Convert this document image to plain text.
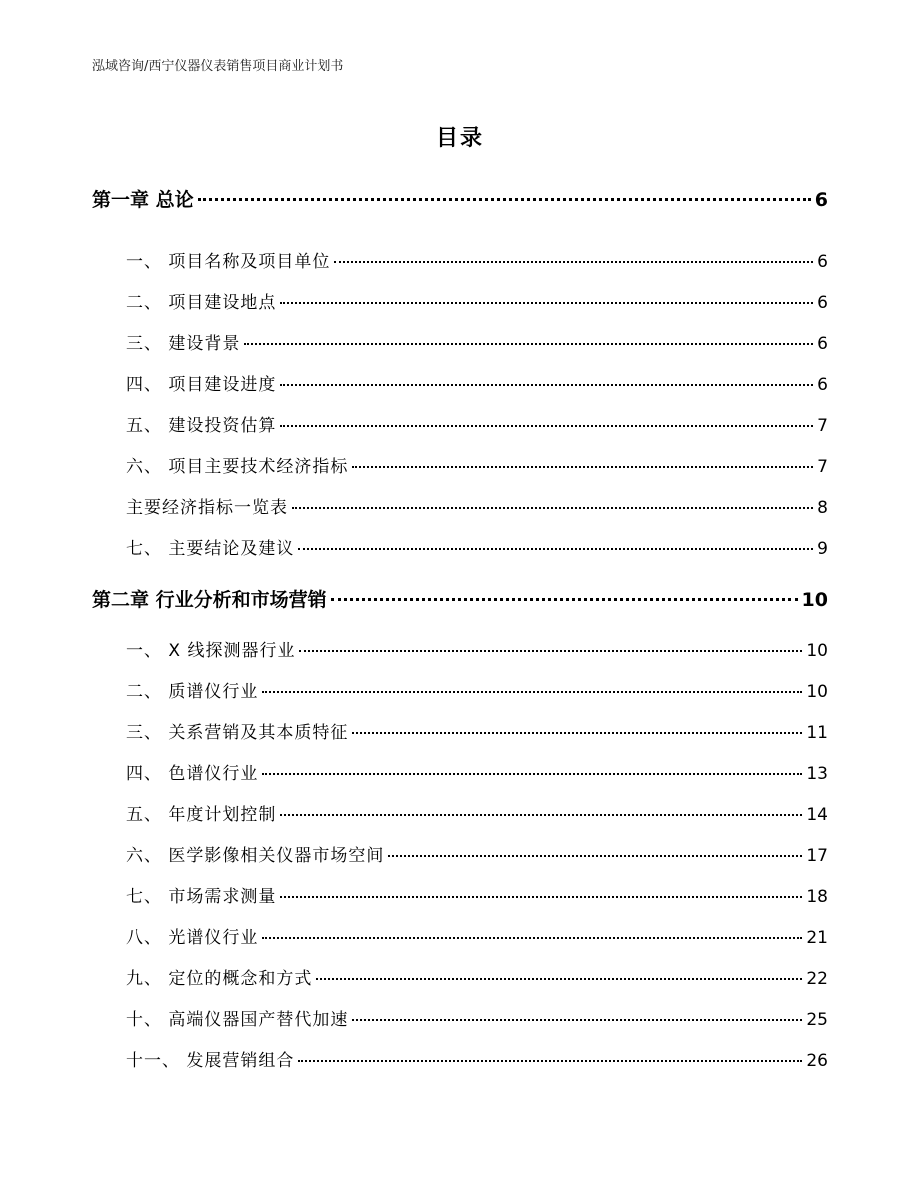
泓域咨询/西宁仪器仪表销售项目商业计划书
目录
第一章 总论	6
一、 项目名称及项目单位	6
二、 项目建设地点	6
三、 建设背景	6
四、 项目建设进度	6
五、 建设投资估算	7
六、 项目主要技术经济指标	7
主要经济指标一览表	8
七、 主要结论及建议	9
第二章 行业分析和市场营销	10
一、 X 线探测器行业	10
二、 质谱仪行业	10
三、 关系营销及其本质特征	11
四、 色谱仪行业	13
五、 年度计划控制	14
六、 医学影像相关仪器市场空间	17
七、 市场需求测量	18
八、 光谱仪行业	21
九、 定位的概念和方式	22
十、 高端仪器国产替代加速	25
十一、 发展营销组合	26
